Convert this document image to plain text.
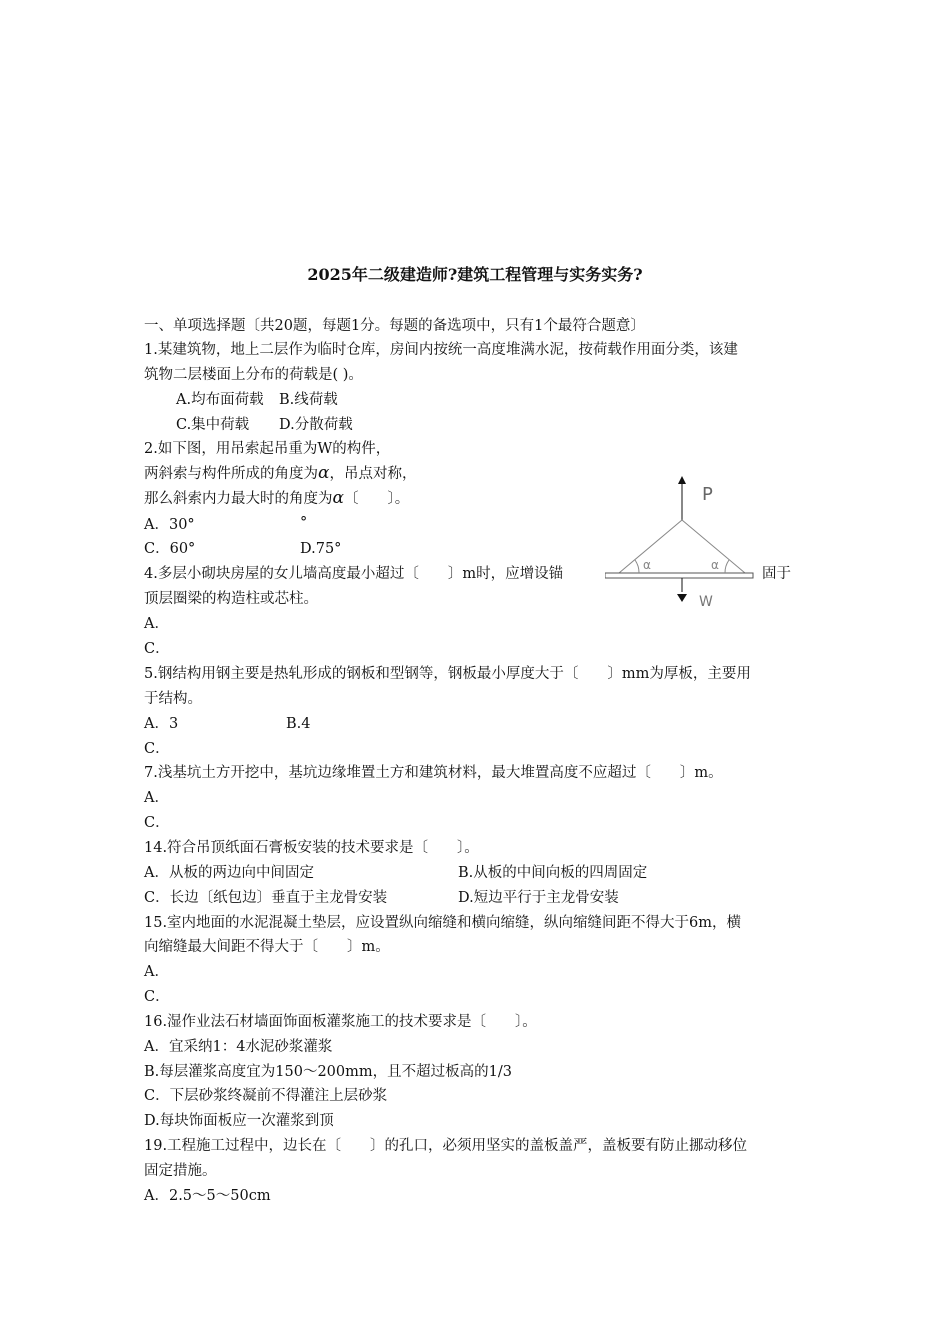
2025年二级建造师?建筑工程管理与实务实务?
一、单项选择题〔共20题，每题1分。每题的备选项中，只有1个最符合题意〕
1.某建筑物，地上二层作为临时仓库，房间内按统一高度堆满水泥，按荷载作用面分类，该建
筑物二层楼面上分布的荷载是( )。
A.均布面荷载 B.线荷载
C.集中荷载 D.分散荷载
2.如下图，用吊索起吊重为W的构件，
两斜索与构件所成的角度为α，吊点对称，
那么斜索内力最大时的角度为α〔　　〕。
A．30°	°
C．60°	D.75°
P
α	α
W
4.多层小砌块房屋的女儿墙高度最小超过〔　　〕m时，应增设锚	固于
顶层圈梁的构造柱或芯柱。
A．
C．
5.钢结构用钢主要是热轧形成的钢板和型钢等，钢板最小厚度大于〔　　〕mm为厚板，主要用
于结构。
A．3	B.4
C．
7.浅基坑土方开挖中，基坑边缘堆置土方和建筑材料，最大堆置高度不应超过〔　　〕m。
A．
C．
14.符合吊顶纸面石膏板安装的技术要求是〔　　〕。
A．从板的两边向中间固定	B.从板的中间向板的四周固定
C．长边〔纸包边〕垂直于主龙骨安装	D.短边平行于主龙骨安装
15.室内地面的水泥混凝土垫层，应设置纵向缩缝和横向缩缝，纵向缩缝间距不得大于6m，横
向缩缝最大间距不得大于〔　　〕m。
A．
C．
16.湿作业法石材墙面饰面板灌浆施工的技术要求是〔　　〕。
A．宜采纳1：4水泥砂浆灌浆
B.每层灌浆高度宜为150～200mm，且不超过板高的1/3
C．下层砂浆终凝前不得灌注上层砂浆
D.每块饰面板应一次灌浆到顶
19.工程施工过程中，边长在〔　　〕的孔口，必须用坚实的盖板盖严，盖板要有防止挪动移位
固定措施。
A．2.5～5～50cm
